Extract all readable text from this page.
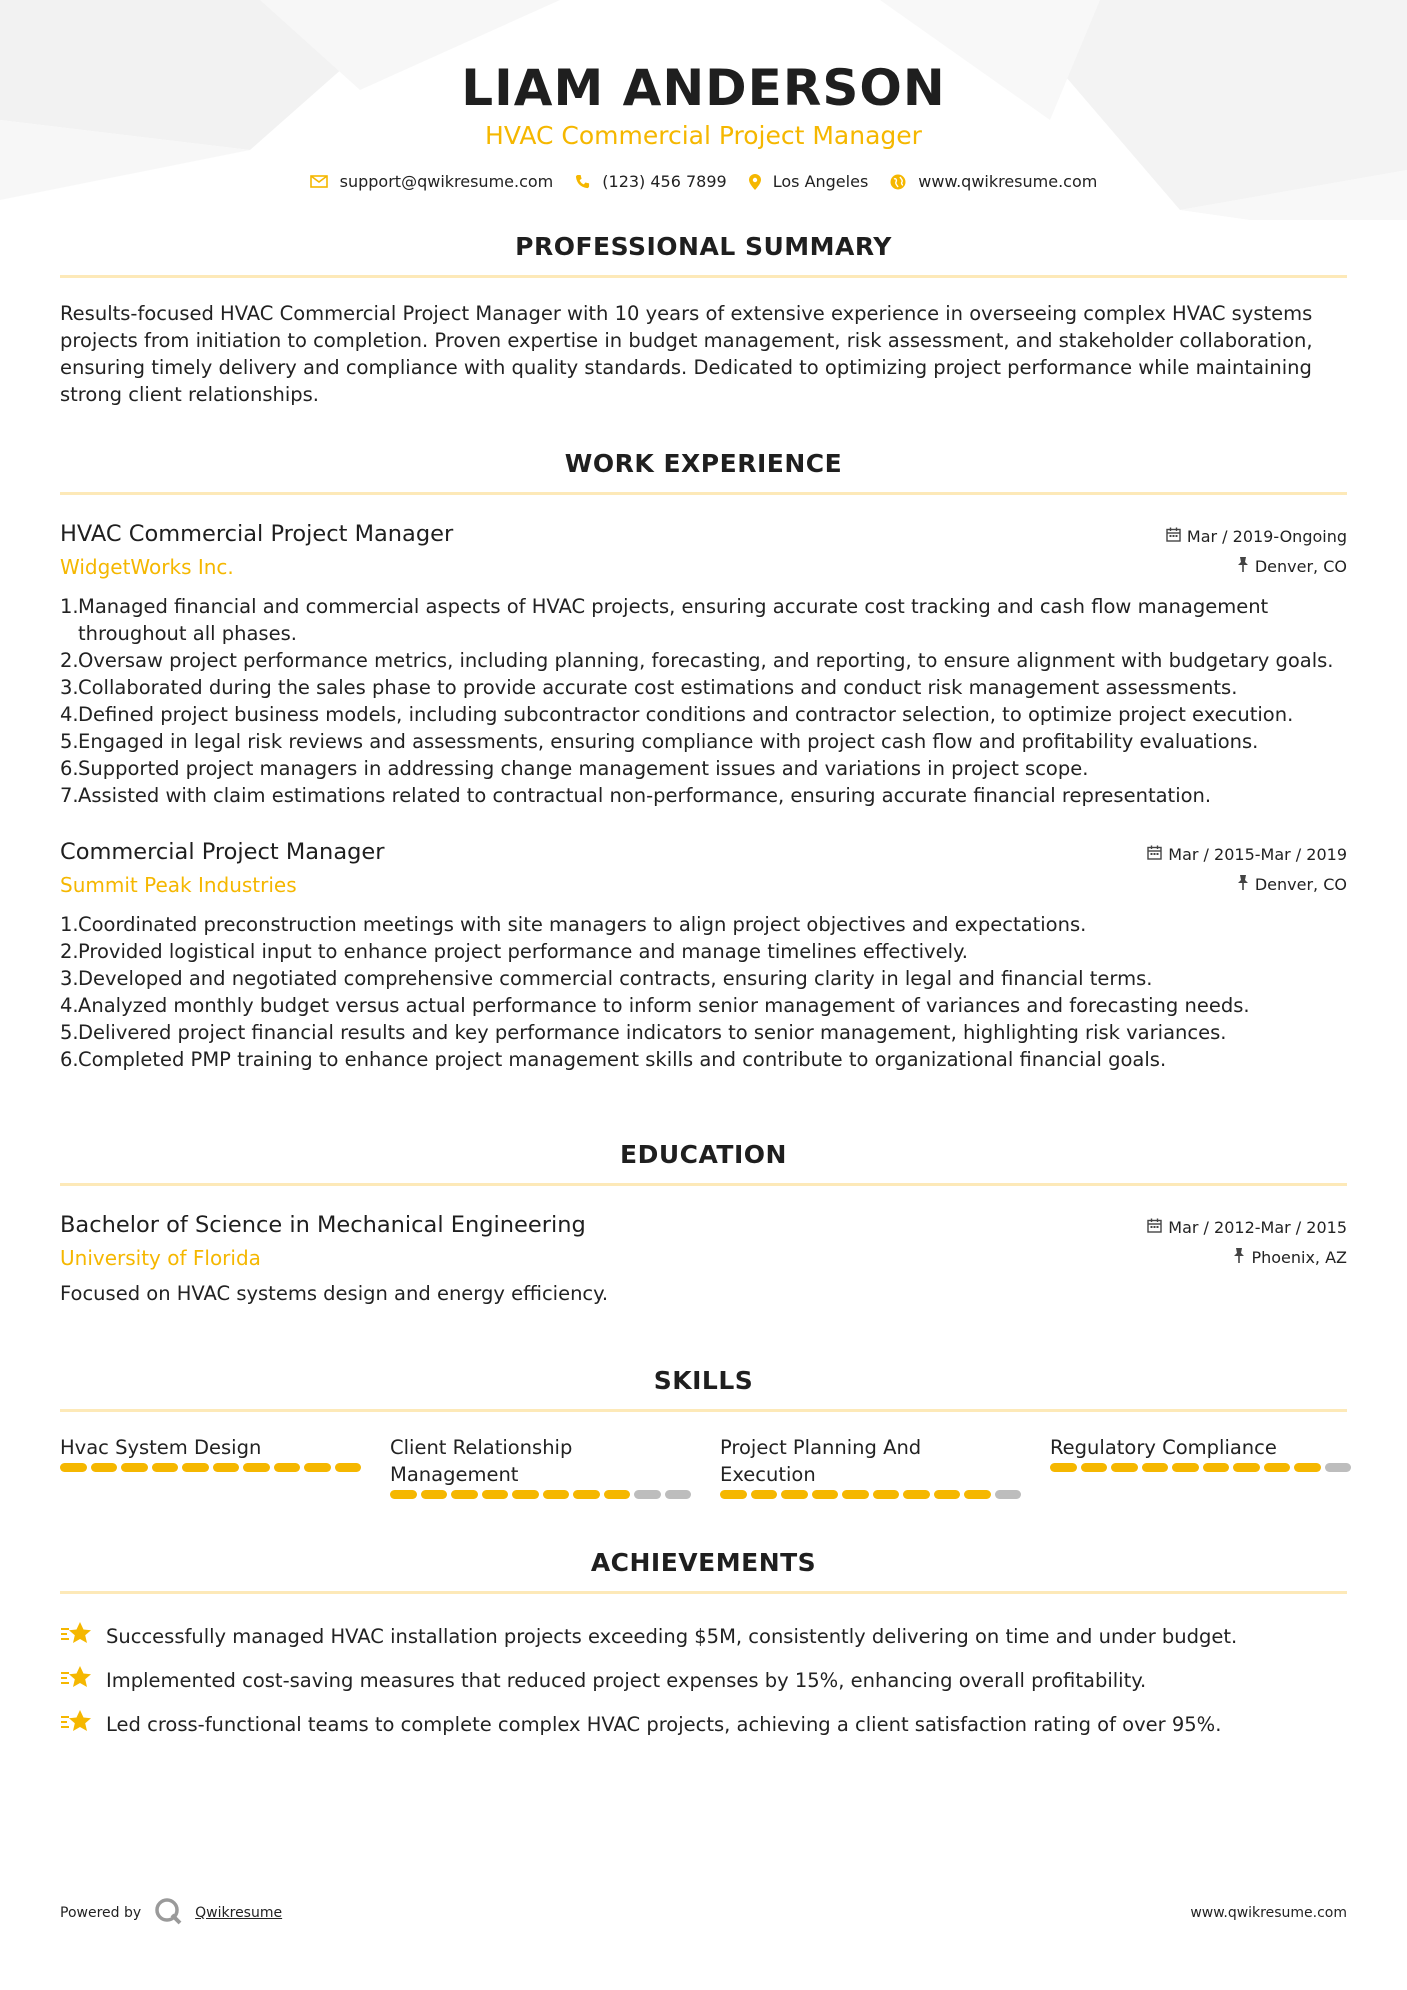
LIAM ANDERSON
HVAC Commercial Project Manager
support@qwikresume.com	(123) 456 7899	Los Angeles	www.qwikresume.com
PROFESSIONAL SUMMARY

Results-focused HVAC Commercial Project Manager with 10 years of extensive experience in overseeing complex HVAC systems projects from initiation to completion. Proven expertise in budget management, risk assessment, and stakeholder collaboration, ensuring timely delivery and compliance with quality standards. Dedicated to optimizing project performance while maintaining strong client relationships.

WORK EXPERIENCE
HVAC Commercial Project Manager
WidgetWorks Inc.
Mar / 2019-Ongoing
Denver, CO
1. Managed financial and commercial aspects of HVAC projects, ensuring accurate cost tracking and cash flow management throughout all phases.
2. Oversaw project performance metrics, including planning, forecasting, and reporting, to ensure alignment with budgetary goals.
3. Collaborated during the sales phase to provide accurate cost estimations and conduct risk management assessments.
4. Defined project business models, including subcontractor conditions and contractor selection, to optimize project execution.
5. Engaged in legal risk reviews and assessments, ensuring compliance with project cash flow and profitability evaluations.
6. Supported project managers in addressing change management issues and variations in project scope.
7. Assisted with claim estimations related to contractual non-performance, ensuring accurate financial representation.
Commercial Project Manager
Summit Peak Industries
Mar / 2015-Mar / 2019
Denver, CO
1. Coordinated preconstruction meetings with site managers to align project objectives and expectations.
2. Provided logistical input to enhance project performance and manage timelines effectively.
3. Developed and negotiated comprehensive commercial contracts, ensuring clarity in legal and financial terms.
4. Analyzed monthly budget versus actual performance to inform senior management of variances and forecasting needs.
5. Delivered project financial results and key performance indicators to senior management, highlighting risk variances.
6. Completed PMP training to enhance project management skills and contribute to organizational financial goals.
EDUCATION
Bachelor of Science in Mechanical Engineering
University of Florida
Mar / 2012-Mar / 2015
Phoenix, AZ

Focused on HVAC systems design and energy efficiency.

SKILLS
Hvac System Design	Client Relationship Management
Project Planning And Execution
Regulatory Compliance
ACHIEVEMENTS
Successfully managed HVAC installation projects exceeding $5M, consistently delivering on time and under budget.
Implemented cost-saving measures that reduced project expenses by 15%, enhancing overall profitability.
Led cross-functional teams to complete complex HVAC projects, achieving a client satisfaction rating of over 95%.
Powered by	Qwikresume	www.qwikresume.com
